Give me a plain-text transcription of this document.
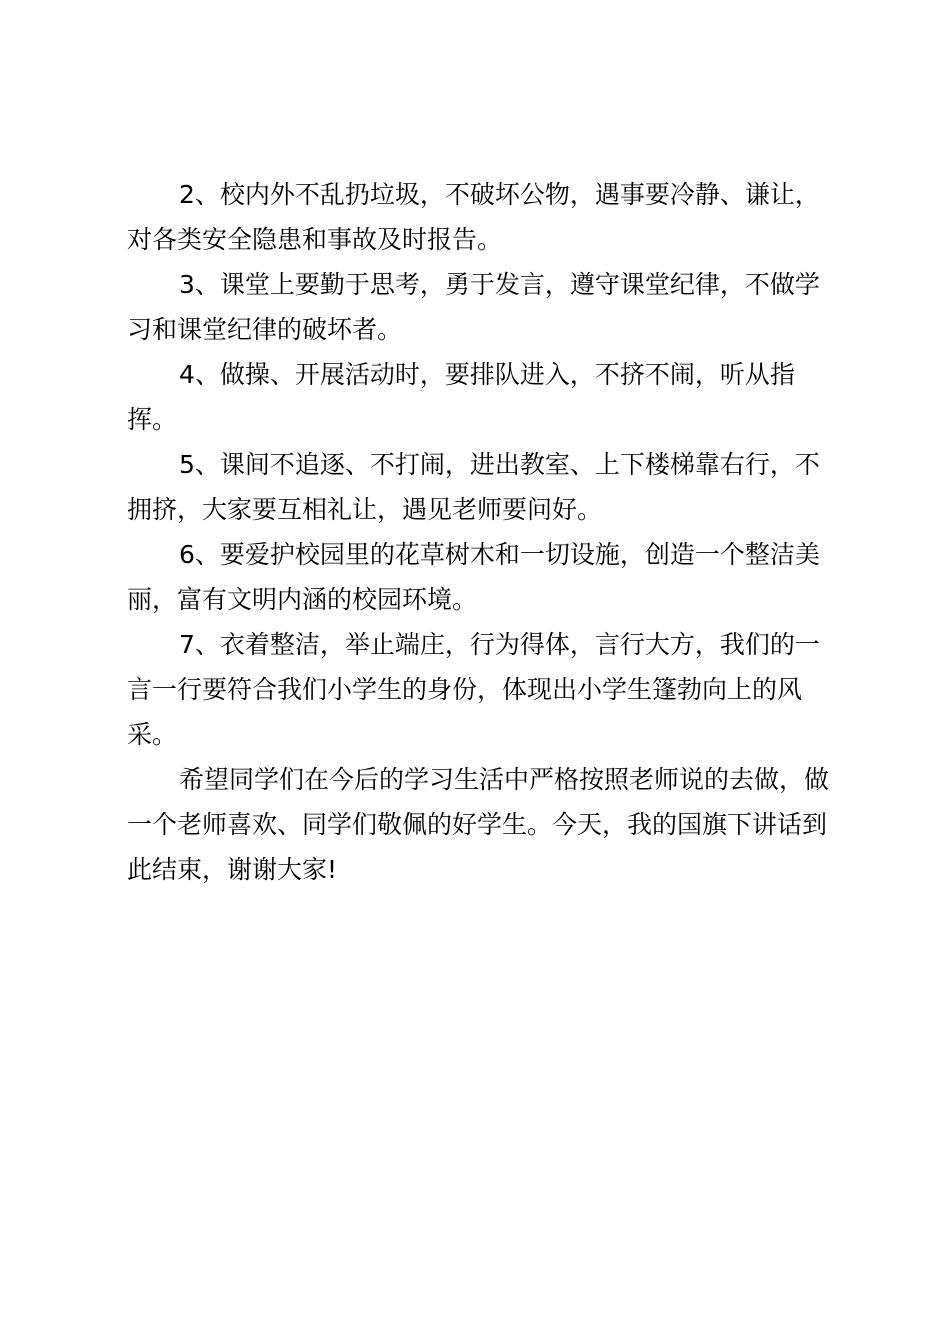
2、校内外不乱扔垃圾，不破坏公物，遇事要冷静、谦让，对各类安全隐患和事故及时报告。

3、课堂上要勤于思考，勇于发言，遵守课堂纪律，不做学习和课堂纪律的破坏者。

4、做操、开展活动时，要排队进入，不挤不闹，听从指挥。

5、课间不追逐、不打闹，进出教室、上下楼梯靠右行，不拥挤，大家要互相礼让，遇见老师要问好。

6、要爱护校园里的花草树木和一切设施，创造一个整洁美丽，富有文明内涵的校园环境。

7、衣着整洁，举止端庄，行为得体，言行大方，我们的一言一行要符合我们小学生的身份，体现出小学生篷勃向上的风采。

希望同学们在今后的学习生活中严格按照老师说的去做，做一个老师喜欢、同学们敬佩的好学生。今天，我的国旗下讲话到此结束，谢谢大家!
